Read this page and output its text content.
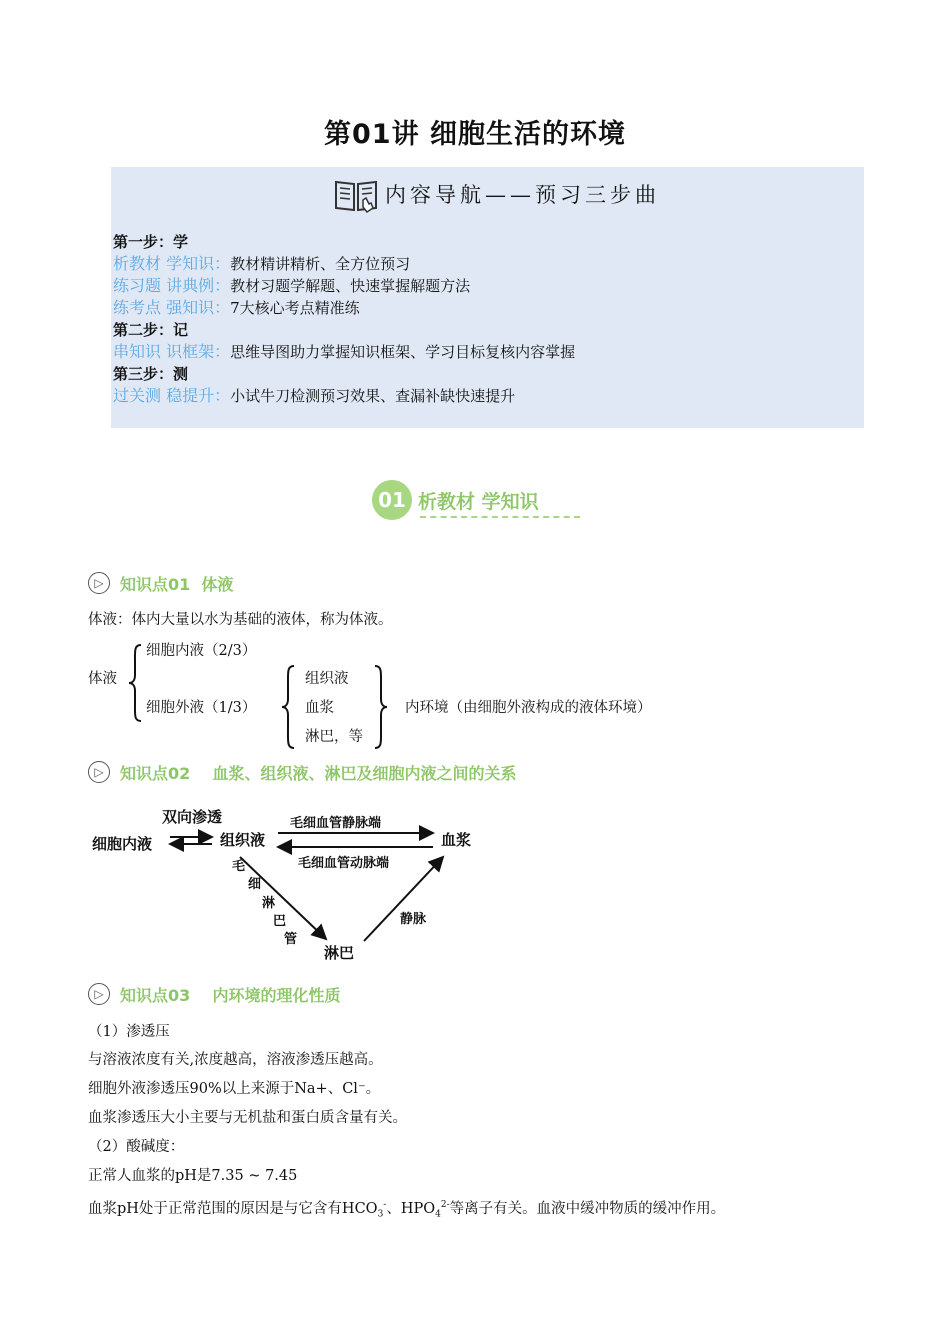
第01讲 细胞生活的环境
内容导航——预习三步曲
第一步：学
析教材 学知识：教材精讲精析、全方位预习
练习题 讲典例：教材习题学解题、快速掌握解题方法
练考点 强知识：7大核心考点精准练
第二步：记
串知识 识框架：思维导图助力掌握知识框架、学习目标复核内容掌握
第三步：测
过关测 稳提升：小试牛刀检测预习效果、查漏补缺快速提升
01 析教材 学知识
▷	知识点01  体液
体液：体内大量以水为基础的液体，称为体液。
体液
细胞内液（2/3）
细胞外液（1/3）
组织液
血浆
淋巴，等
内环境（由细胞外液构成的液体环境）
▷	知识点02    血浆、组织液、淋巴及细胞内液之间的关系
细胞内液	组织液	血浆
淋巴
双向渗透	毛细血管静脉端
毛细血管动脉端
毛
细
淋
巴
管
静脉
▷	知识点03    内环境的理化性质
（1）渗透压
与溶液浓度有关,浓度越高，溶液渗透压越高。
细胞外液渗透压90%以上来源于Na+、Cl⁻。
血浆渗透压大小主要与无机盐和蛋白质含量有关。
（2）酸碱度：
正常人血浆的pH是7.35 ~ 7.45
血浆pH处于正常范围的原因是与它含有$HCO_3^-$、$HPO_4^{2-}$等离子有关。血液中缓冲物质的缓冲作用。
